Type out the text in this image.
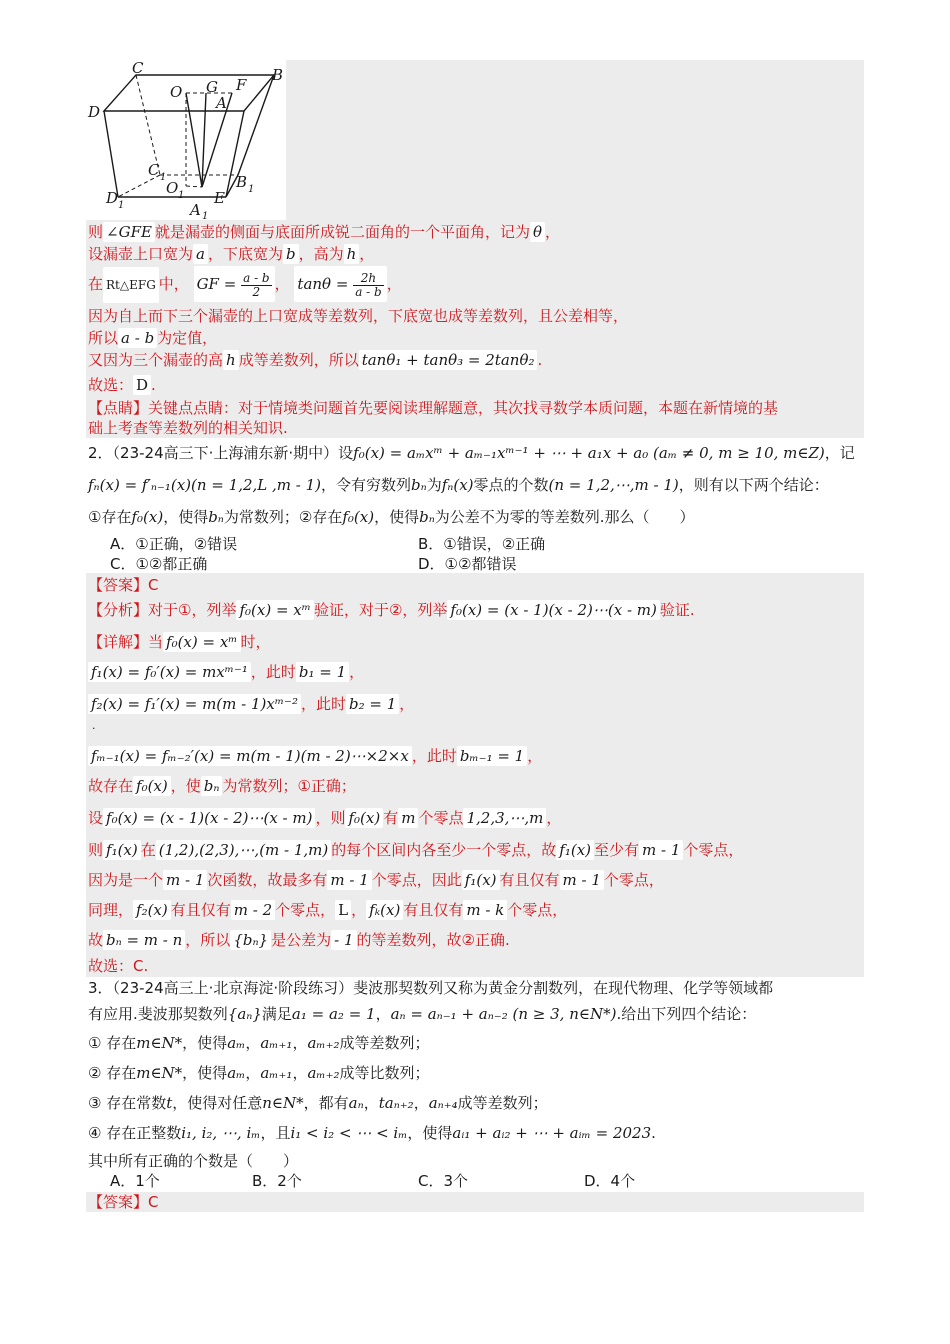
C	B
O G F
A
D
C 1
O 1
B 1
D 1	E
A 1
则 ∠GFE 就是漏壶的侧面与底面所成锐二面角的一个平面角，记为 θ ，
设漏壶上口宽为 a ，下底宽为 b ，高为 h ，
在 Rt△EFG 中， GF = $\frac{a - b}{2}$ ， $\tan\theta = \frac{2h}{a - b}$ ，
因为自上而下三个漏壶的上口宽成等差数列，下底宽也成等差数列，且公差相等，
所以 a - b 为定值，
又因为三个漏壶的高 h 成等差数列，所以 tanθ₁ + tanθ₃ = 2tanθ₂ .
故选： D .
【点睛】关键点点睛：对于情境类问题首先要阅读理解题意，其次找寻数学本质问题，本题在新情境的基
础上考查等差数列的相关知识.
2．（23-24高三下·上海浦东新·期中）设f₀(x) = aₘxᵐ + aₘ₋₁xᵐ⁻¹ + ⋯ + a₁x + a₀ (aₘ ≠ 0, m ≥ 10, m∈Z)，记
fₙ(x) = f′ₙ₋₁(x)(n = 1,2,L ,m - 1)，令有穷数列bₙ为fₙ(x)零点的个数(n = 1,2,⋯,m - 1)，则有以下两个结论：
①存在f₀(x)，使得bₙ为常数列；②存在f₀(x)，使得bₙ为公差不为零的等差数列.那么（　　）
A．①正确，②错误	B．①错误，②正确
C．①②都正确	D．①②都错误
【答案】C
【分析】对于①，列举 f₀(x) = xᵐ 验证，对于②，列举 f₀(x) = (x - 1)(x - 2)⋯(x - m) 验证.
【详解】当 f₀(x) = xᵐ 时，
f₁(x) = f₀′(x) = mxᵐ⁻¹ ，此时 b₁ = 1 ，
f₂(x) = f₁′(x) = m(m - 1)xᵐ⁻² ，此时 b₂ = 1 ，
.
fₘ₋₁(x) = fₘ₋₂′(x) = m(m - 1)(m - 2)⋯×2×x ，此时 bₘ₋₁ = 1 ，
故存在 f₀(x) ，使 bₙ 为常数列；①正确；
设 f₀(x) = (x - 1)(x - 2)⋯(x - m) ，则 f₀(x) 有 m 个零点 1,2,3,⋯,m ，
则 f₁(x) 在 (1,2),(2,3),⋯,(m - 1,m) 的每个区间内各至少一个零点，故 f₁(x) 至少有 m - 1 个零点，
因为是一个 m - 1 次函数，故最多有 m - 1 个零点，因此 f₁(x) 有且仅有 m - 1 个零点，
同理， f₂(x) 有且仅有 m - 2 个零点， L ， fₖ(x) 有且仅有 m - k 个零点，
故 bₙ = m - n ，所以 {bₙ} 是公差为 - 1 的等差数列，故②正确.
故选：C.
3．（23-24高三上·北京海淀·阶段练习）斐波那契数列又称为黄金分割数列，在现代物理、化学等领域都
有应用.斐波那契数列{aₙ}满足a₁ = a₂ = 1，aₙ = aₙ₋₁ + aₙ₋₂ (n ≥ 3, n∈N*).给出下列四个结论：
① 存在m∈N*，使得aₘ，aₘ₊₁，aₘ₊₂成等差数列；
② 存在m∈N*，使得aₘ，aₘ₊₁，aₘ₊₂成等比数列；
③ 存在常数t，使得对任意n∈N*，都有aₙ，taₙ₊₂，aₙ₊₄成等差数列；
④ 存在正整数i₁, i₂, ⋯, iₘ，且i₁ < i₂ < ⋯ < iₘ，使得aᵢ₁ + aᵢ₂ + ⋯ + aᵢₘ = 2023.
其中所有正确的个数是（　　）
A．1个	B．2个	C．3个	D．4个
【答案】C
